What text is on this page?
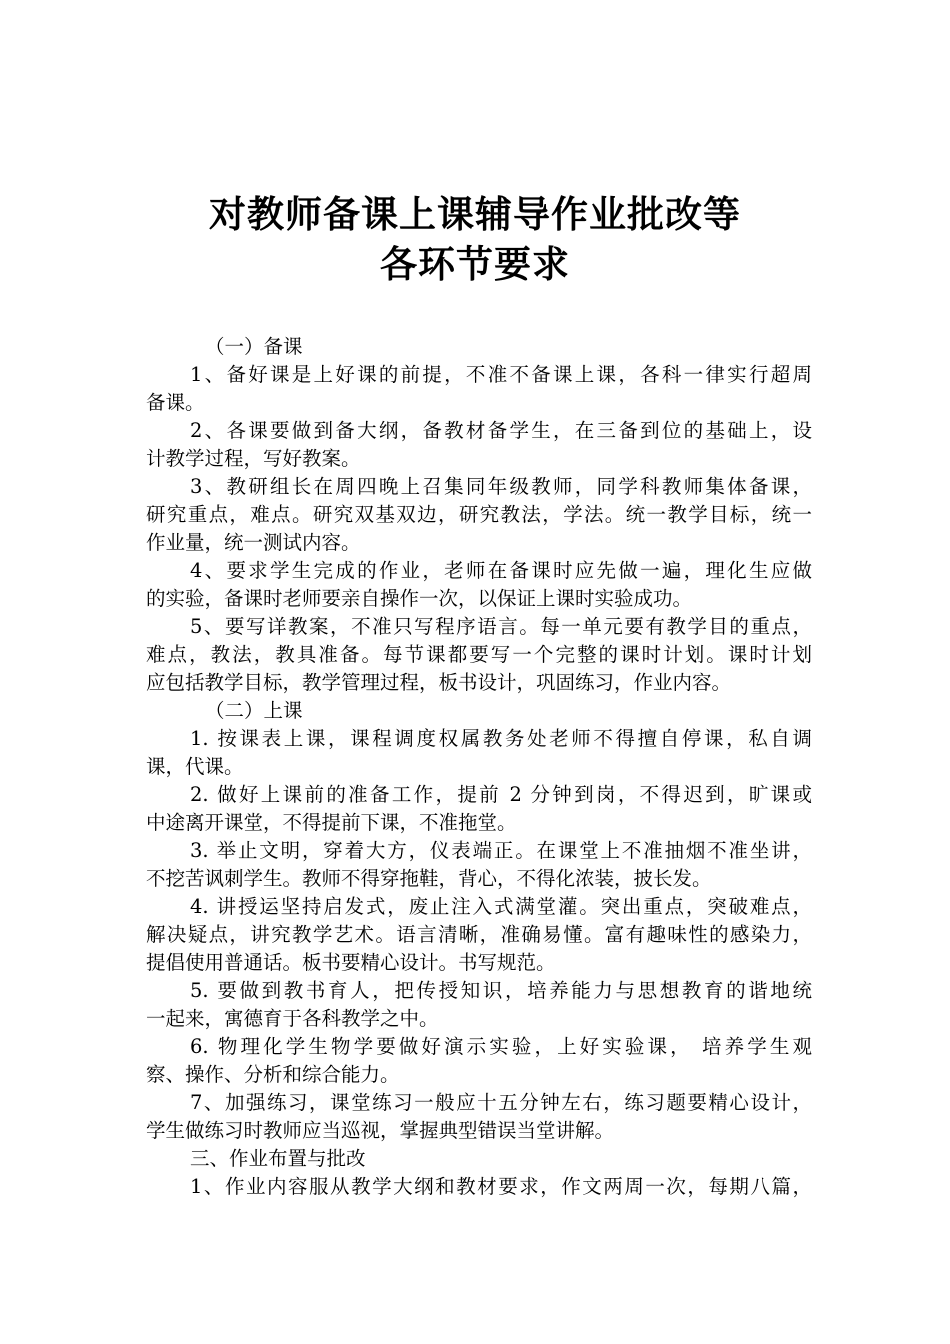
对教师备课上课辅导作业批改等
各环节要求
（一）备课
1、备好课是上好课的前提，不准不备课上课，各科一律实行超周
备课。
2、各课要做到备大纲，备教材备学生，在三备到位的基础上，设
计教学过程，写好教案。
3、教研组长在周四晚上召集同年级教师，同学科教师集体备课，
研究重点，难点。研究双基双边，研究教法，学法。统一教学目标，统一
作业量，统一测试内容。
4、要求学生完成的作业，老师在备课时应先做一遍，理化生应做
的实验，备课时老师要亲自操作一次，以保证上课时实验成功。
5、要写详教案，不准只写程序语言。每一单元要有教学目的重点，
难点，教法，教具准备。每节课都要写一个完整的课时计划。课时计划
应包括教学目标，教学管理过程，板书设计，巩固练习，作业内容。
（二）上课
1. 按课表上课，课程调度权属教务处老师不得擅自停课，私自调
课，代课。
2. 做好上课前的准备工作，提前 2 分钟到岗，不得迟到，旷课或
中途离开课堂，不得提前下课，不准拖堂。
3. 举止文明，穿着大方，仪表端正。在课堂上不准抽烟不准坐讲，
不挖苦讽刺学生。教师不得穿拖鞋，背心，不得化浓装，披长发。
4. 讲授运坚持启发式，废止注入式满堂灌。突出重点，突破难点，
解决疑点，讲究教学艺术。语言清晰，准确易懂。富有趣味性的感染力，
提倡使用普通话。板书要精心设计。书写规范。
5. 要做到教书育人，把传授知识，培养能力与思想教育的谐地统
一起来，寓德育于各科教学之中。
6. 物理化学生物学要做好演示实验，上好实验课， 培养学生观
察、操作、分析和综合能力。
7、加强练习，课堂练习一般应十五分钟左右，练习题要精心设计，
学生做练习时教师应当巡视，掌握典型错误当堂讲解。
三、作业布置与批改
1、作业内容服从教学大纲和教材要求，作文两周一次，每期八篇，
